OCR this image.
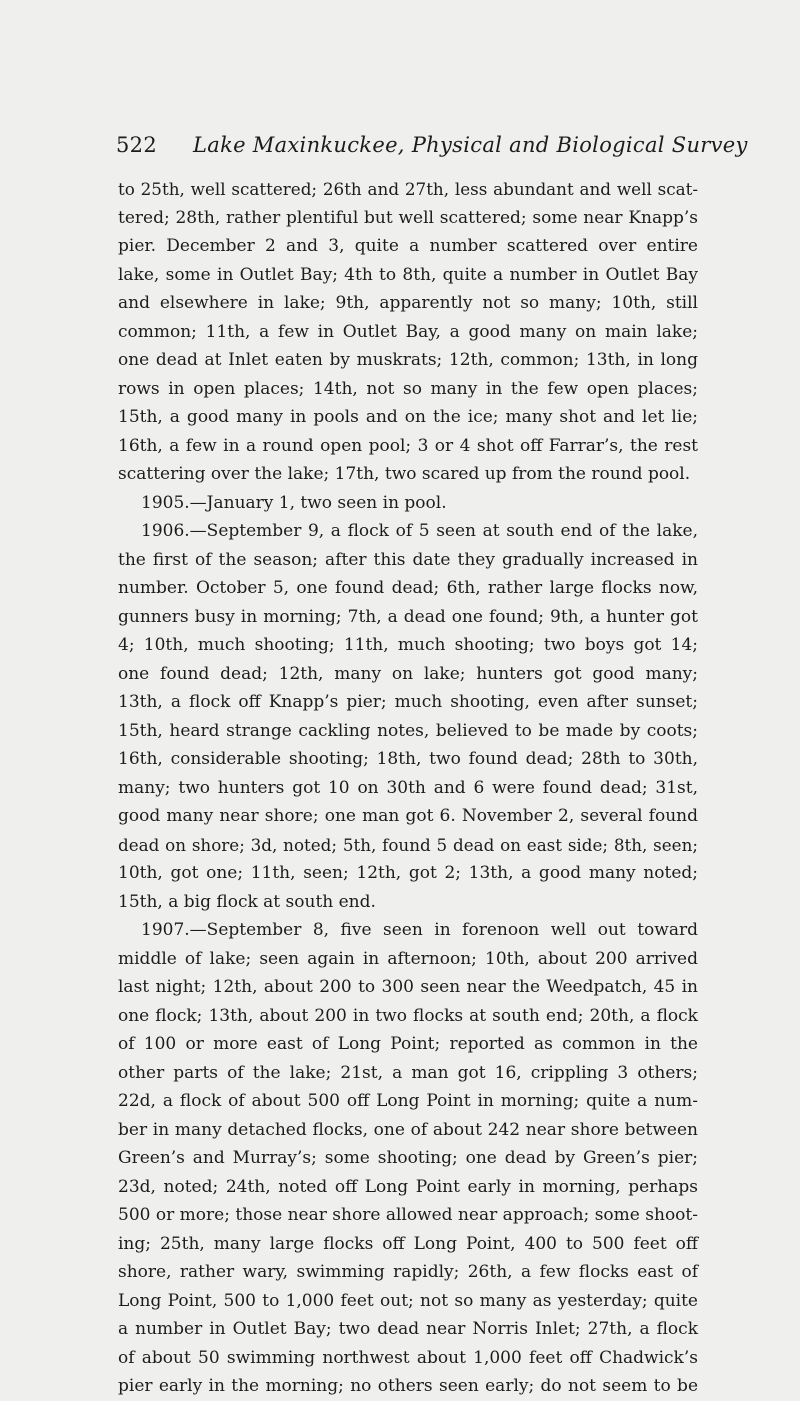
522 Lake Maxinkuckee, Physical and Biological Survey
to 25th, well scattered; 26th and 27th, less abundant and well scat-
tered; 28th, rather plentiful but well scattered; some near Knapp’s
pier. December 2 and 3, quite a number scattered over entire
lake, some in Outlet Bay; 4th to 8th, quite a number in Outlet Bay
and elsewhere in lake; 9th, apparently not so many; 10th, still
common; 11th, a few in Outlet Bay, a good many on main lake;
one dead at Inlet eaten by muskrats; 12th, common; 13th, in long
rows in open places; 14th, not so many in the few open places;
15th, a good many in pools and on the ice; many shot and let lie;
16th, a few in a round open pool; 3 or 4 shot off Farrar’s, the rest
scattering over the lake; 17th, two scared up from the round pool.
1905.—January 1, two seen in pool.
1906.—September 9, a flock of 5 seen at south end of the lake,
the first of the season; after this date they gradually increased in
number. October 5, one found dead; 6th, rather large flocks now,
gunners busy in morning; 7th, a dead one found; 9th, a hunter got
4; 10th, much shooting; 11th, much shooting; two boys got 14;
one found dead; 12th, many on lake; hunters got good many;
13th, a flock off Knapp’s pier; much shooting, even after sunset;
15th, heard strange cackling notes, believed to be made by coots;
16th, considerable shooting; 18th, two found dead; 28th to 30th,
many; two hunters got 10 on 30th and 6 were found dead; 31st,
good many near shore; one man got 6. November 2, several found
dead on shore; 3d, noted; 5th, found 5 dead on east side; 8th, seen;
10th, got one; 11th, seen; 12th, got 2; 13th, a good many noted;
15th, a big flock at south end.
1907.—September 8, five seen in forenoon well out toward
middle of lake; seen again in afternoon; 10th, about 200 arrived
last night; 12th, about 200 to 300 seen near the Weedpatch, 45 in
one flock; 13th, about 200 in two flocks at south end; 20th, a flock
of 100 or more east of Long Point; reported as common in the
other parts of the lake; 21st, a man got 16, crippling 3 others;
22d, a flock of about 500 off Long Point in morning; quite a num-
ber in many detached flocks, one of about 242 near shore between
Green’s and Murray’s; some shooting; one dead by Green’s pier;
23d, noted; 24th, noted off Long Point early in morning, perhaps
500 or more; those near shore allowed near approach; some shoot-
ing; 25th, many large flocks off Long Point, 400 to 500 feet off
shore, rather wary, swimming rapidly; 26th, a few flocks east of
Long Point, 500 to 1,000 feet out; not so many as yesterday; quite
a number in Outlet Bay; two dead near Norris Inlet; 27th, a flock
of about 50 swimming northwest about 1,000 feet off Chadwick’s
pier early in the morning; no others seen early; do not seem to be
